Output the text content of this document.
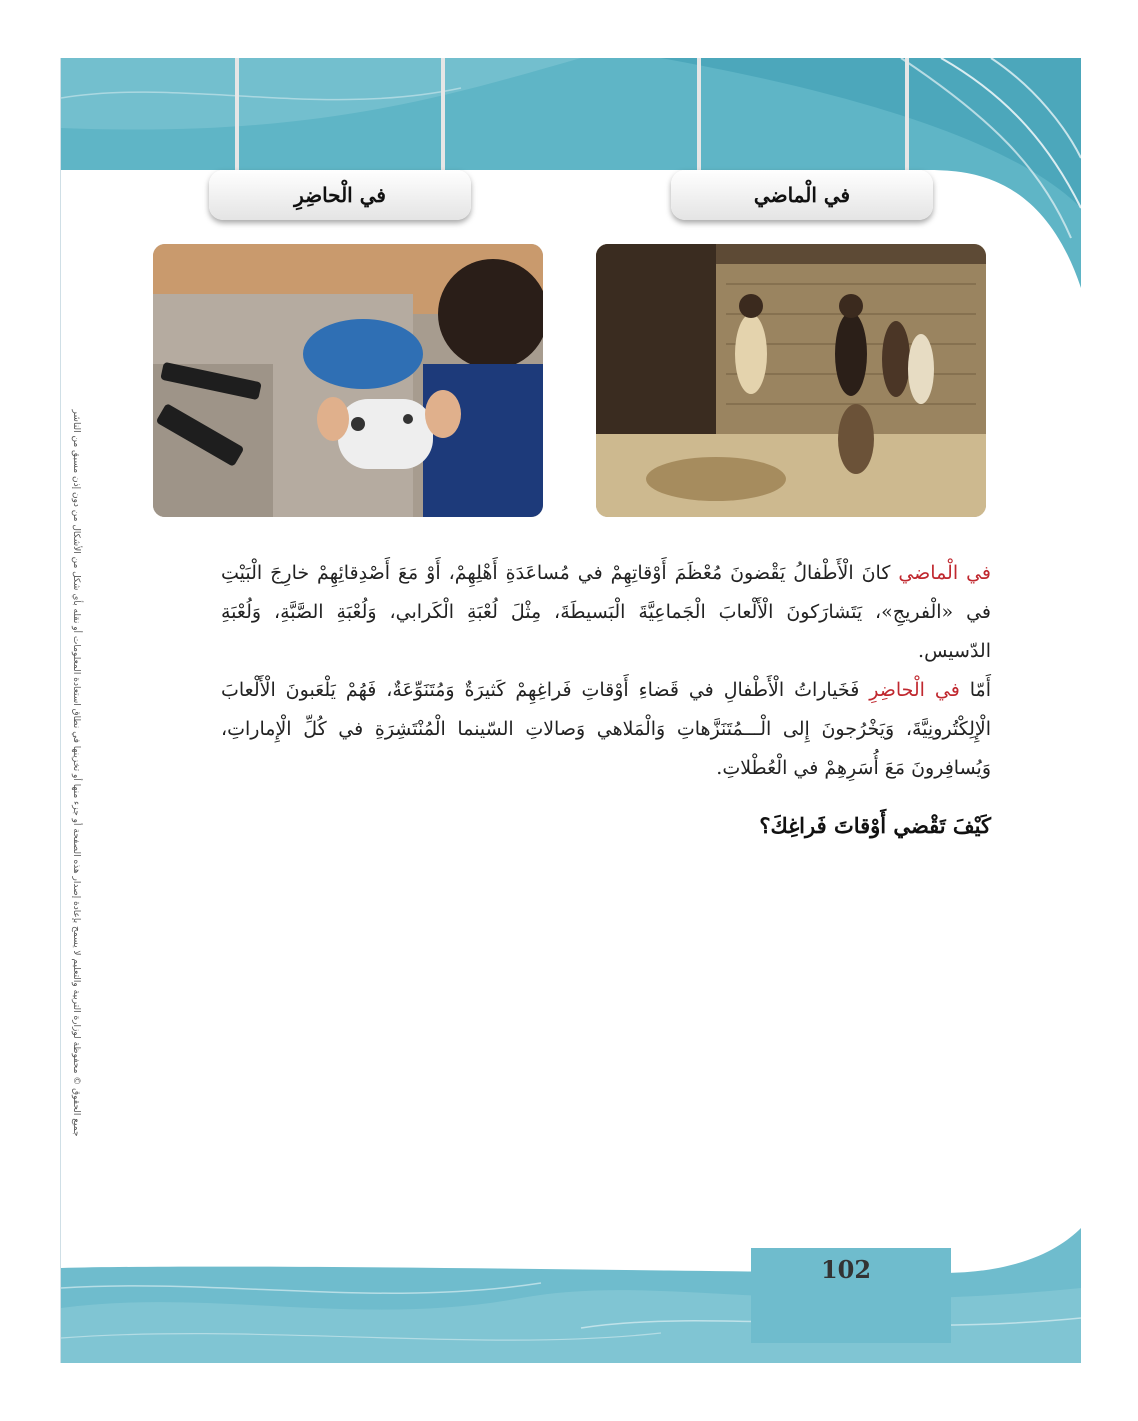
في الْماضي
في الْحاضِرِ
في الْماضي كانَ الْأَطْفالُ يَقْضونَ مُعْظَمَ أَوْقاتِهِمْ في مُساعَدَةِ أَهْلِهِمْ، أَوْ مَعَ أَصْدِقائِهِمْ خارِجَ الْبَيْتِ في «الْفريجِ»، يَتَشارَكونَ الْأَلْعابَ الْجَماعِيَّةَ الْبَسيطَةَ، مِثْلَ لُعْبَةِ الْكَرابي، وَلُعْبَةِ الصَّبَّةِ، وَلُعْبَةِ الدّسيس.
أَمّا في الْحاضِرِ فَخَياراتُ الْأَطْفالِ في قَضاءِ أَوْقاتِ فَراغِهِمْ كَثيرَةٌ وَمُتَنَوِّعَةٌ، فَهُمْ يَلْعَبونَ الْأَلْعابَ الْإِلِكْتُرونِيَّةَ، وَيَخْرُجونَ إِلى الْـــمُتَنَزَّهاتِ وَالْمَلاهي وَصالاتِ السّينما الْمُنْتَشِرَةِ في كُلِّ الْإِماراتِ، وَيُسافِرونَ مَعَ أُسَرِهِمْ في الْعُطْلاتِ.
كَيْفَ تَقْضي أَوْقاتَ فَراغِكَ؟
جميع الحقوق © محفوظة لوزارة التربية والتعليم لا يسمح بإعادة إصدار هذه الصفحة أو جزء منها أو تخزينها في نطاق استعادة المعلومات أو نقله بأي شكل من الأشكال من دون إذن مسبق من الناشر
102
